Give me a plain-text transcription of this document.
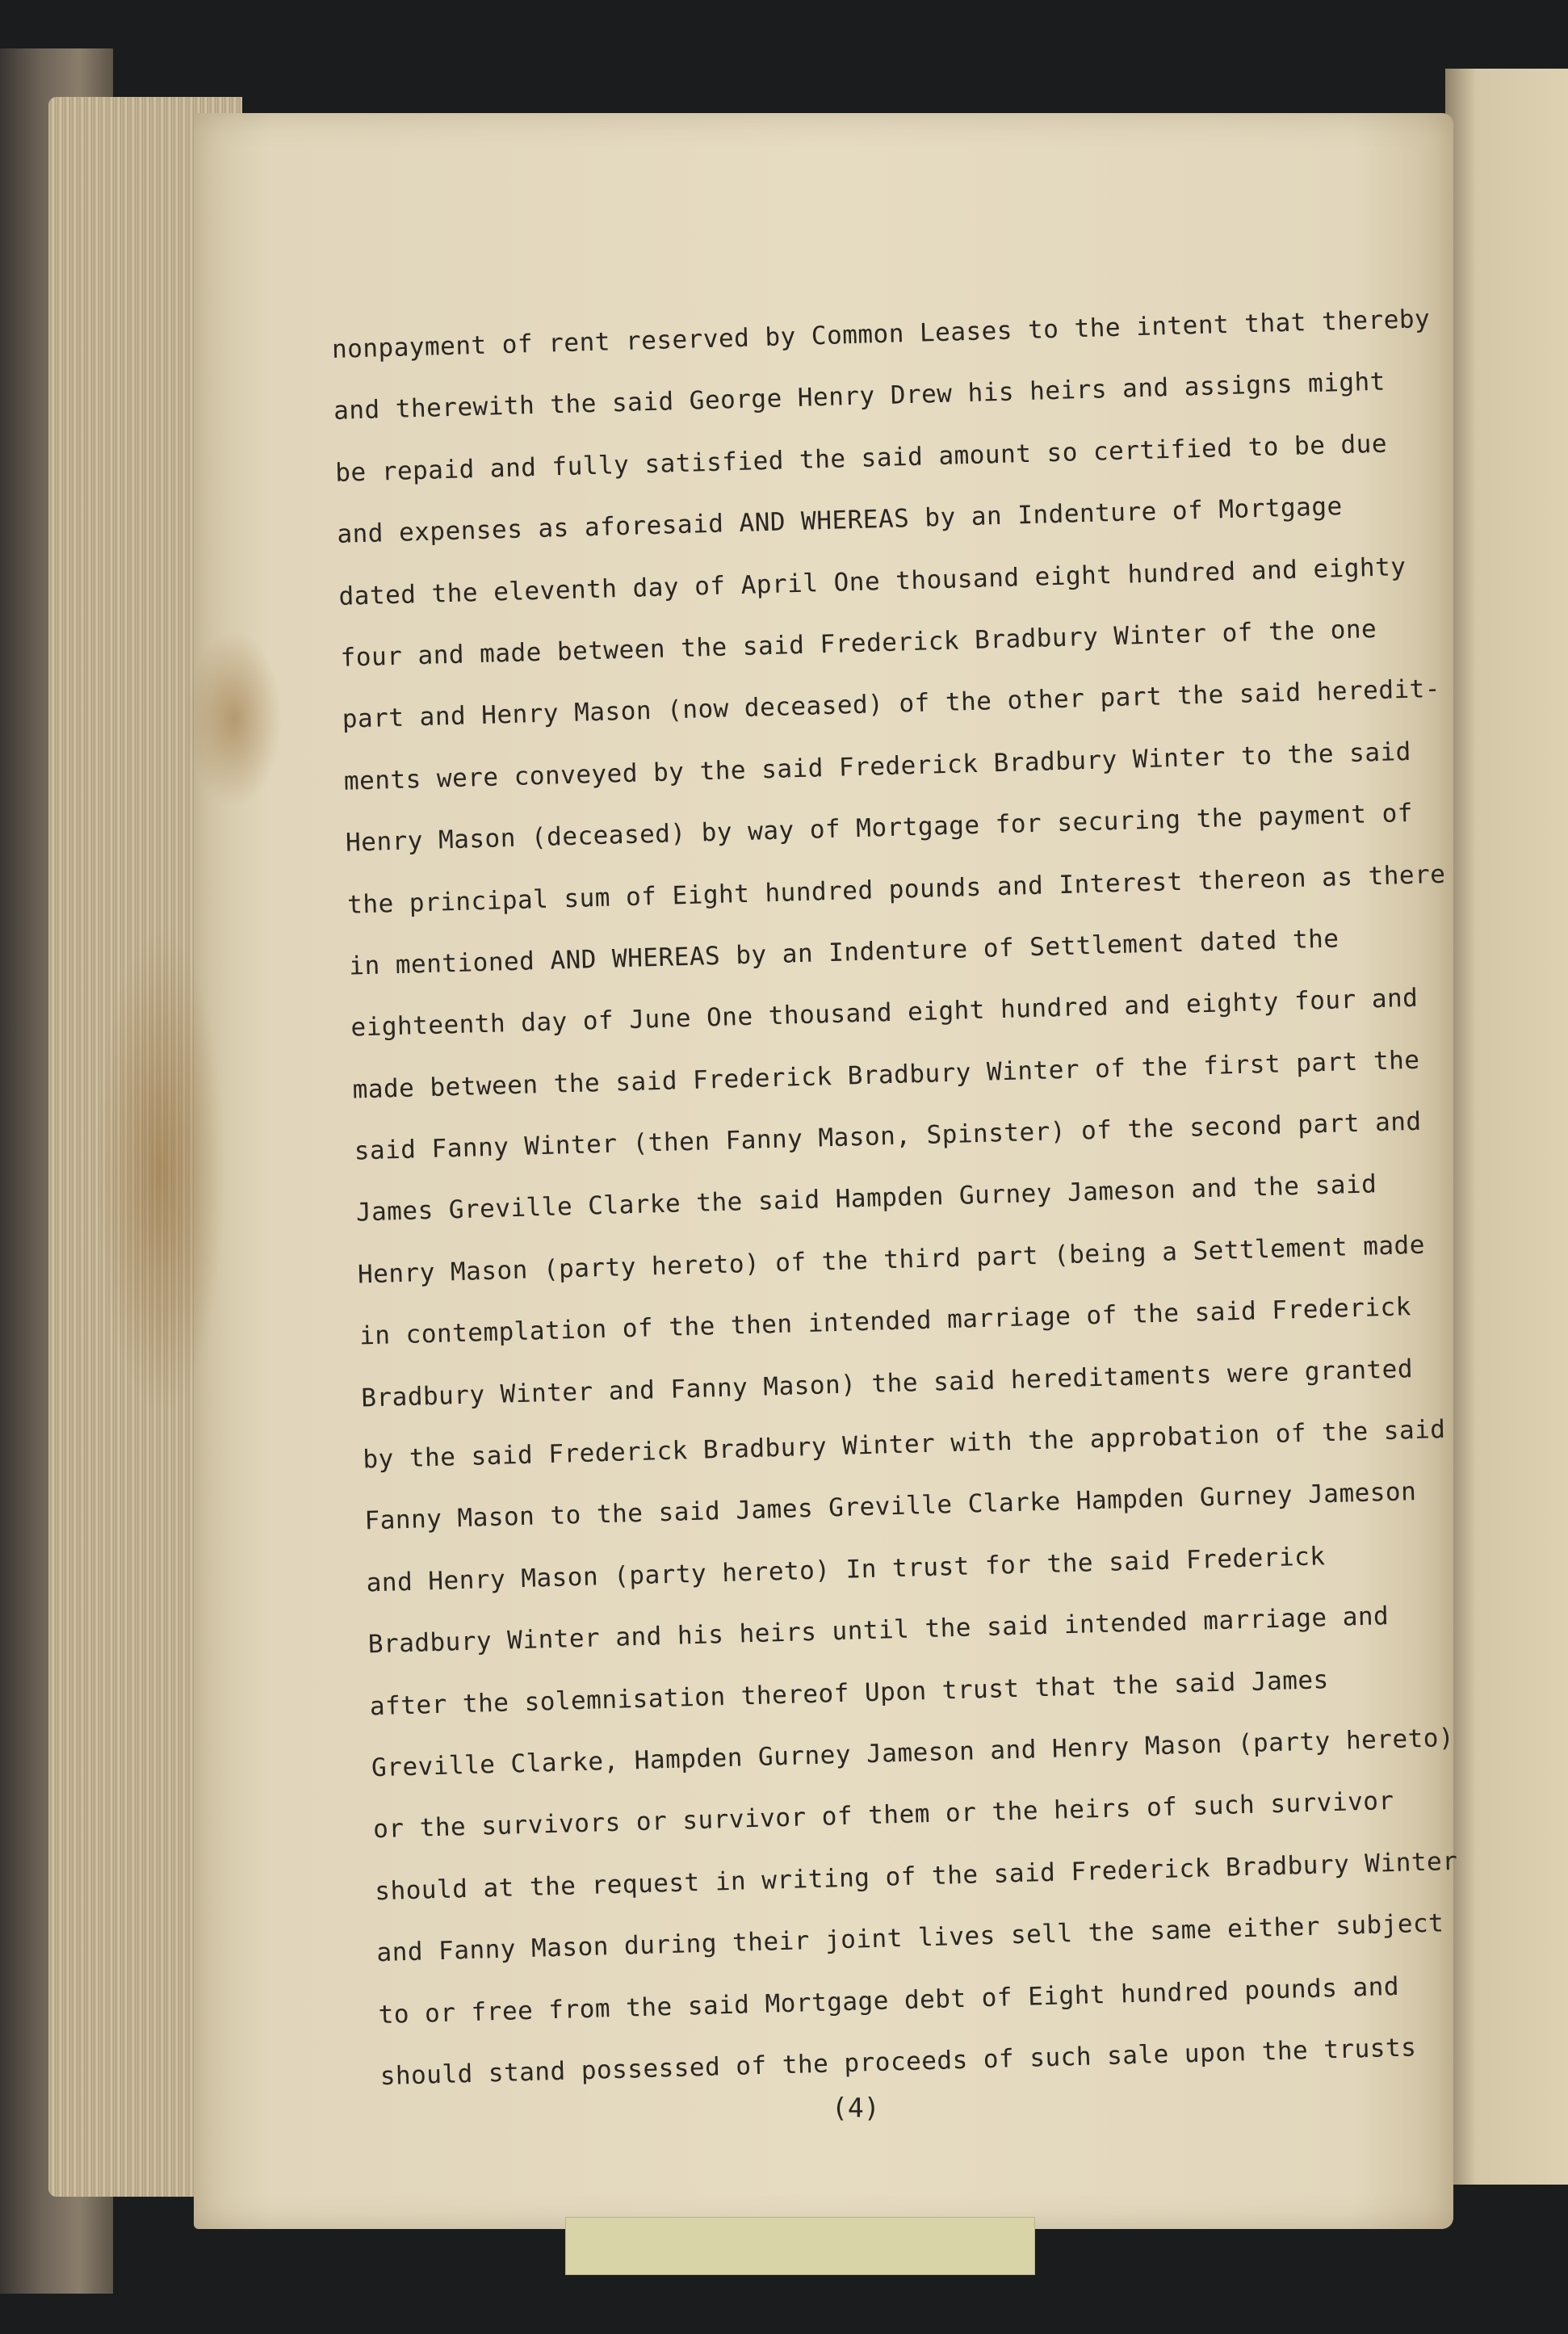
nonpayment of rent reserved by Common Leases to the intent that thereby
and therewith the said George Henry Drew his heirs and assigns might
be repaid and fully satisfied the said amount so certified to be due
and expenses as aforesaid AND WHEREAS by an Indenture of Mortgage
dated the eleventh day of April One thousand eight hundred and eighty
four and made between the said Frederick Bradbury Winter of the one
part and Henry Mason (now deceased) of the other part the said heredit-
ments were conveyed by the said Frederick Bradbury Winter to the said
Henry Mason (deceased) by way of Mortgage for securing the payment of
the principal sum of Eight hundred pounds and Interest thereon as there
in mentioned AND WHEREAS by an Indenture of Settlement dated the
eighteenth day of June One thousand eight hundred and eighty four and
made between the said Frederick Bradbury Winter of the first part the
said Fanny Winter (then Fanny Mason, Spinster) of the second part and
James Greville Clarke the said Hampden Gurney Jameson and the said
Henry Mason (party hereto) of the third part (being a Settlement made
in contemplation of the then intended marriage of the said Frederick
Bradbury Winter and Fanny Mason) the said hereditaments were granted
by the said Frederick Bradbury Winter with the approbation of the said
Fanny Mason to the said James Greville Clarke Hampden Gurney Jameson
and Henry Mason (party hereto) In trust for the said Frederick
Bradbury Winter and his heirs until the said intended marriage and
after the solemnisation thereof Upon trust that the said James
Greville Clarke, Hampden Gurney Jameson and Henry Mason (party hereto)
or the survivors or survivor of them or the heirs of such survivor
should at the request in writing of the said Frederick Bradbury Winter
and Fanny Mason during their joint lives sell the same either subject
to or free from the said Mortgage debt of Eight hundred pounds and
should stand possessed of the proceeds of such sale upon the trusts
(4)
